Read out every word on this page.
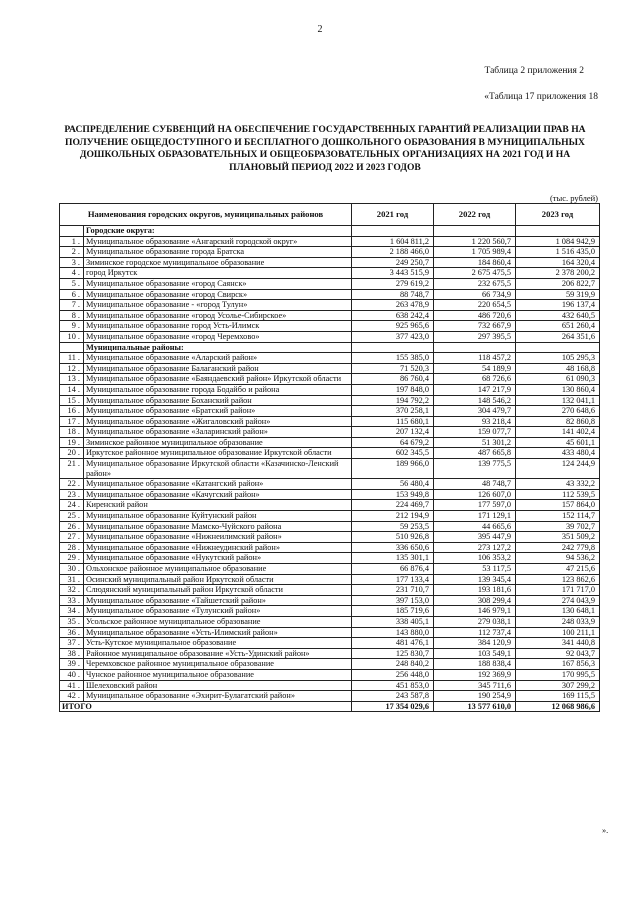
2
Таблица 2 приложения 2
«Таблица 17 приложения 18
РАСПРЕДЕЛЕНИЕ СУБВЕНЦИЙ НА ОБЕСПЕЧЕНИЕ ГОСУДАРСТВЕННЫХ ГАРАНТИЙ РЕАЛИЗАЦИИ ПРАВ НА ПОЛУЧЕНИЕ ОБЩЕДОСТУПНОГО И БЕСПЛАТНОГО ДОШКОЛЬНОГО ОБРАЗОВАНИЯ В МУНИЦИПАЛЬНЫХ ДОШКОЛЬНЫХ ОБРАЗОВАТЕЛЬНЫХ И ОБЩЕОБРАЗОВАТЕЛЬНЫХ ОРГАНИЗАЦИЯХ НА 2021 ГОД И НА ПЛАНОВЫЙ ПЕРИОД 2022 И 2023 ГОДОВ
(тыс. рублей)
Наименования городских округов, муниципальных районов		2021 год	2022 год	2023 год
	Городские округа:			
1 .	Муниципальное образование «Ангарский городской округ»	1 604 811,2	1 220 560,7	1 084 942,9
2 .	Муниципальное образование города Братска	2 188 466,0	1 705 989,4	1 516 435,0
3 .	Зиминское городское муниципальное образование	249 250,7	184 860,4	164 320,4
4 .	город Иркутск	3 443 515,9	2 675 475,5	2 378 200,2
5 .	Муниципальное образование «город Саянск»	279 619,2	232 675,5	206 822,7
6 .	Муниципальное образование «город Свирск»	88 748,7	66 734,9	59 319,9
7 .	Муниципальное образование - «город Тулун»	263 478,9	220 654,5	196 137,4
8 .	Муниципальное образование «город Усолье-Сибирское»	638 242,4	486 720,6	432 640,5
9 .	Муниципальное образование город Усть-Илимск	925 965,6	732 667,9	651 260,4
10 .	Муниципальное образование «город Черемхово»	377 423,0	297 395,5	264 351,6
	Муниципальные районы:			
11 .	Муниципальное образование «Аларский район»	155 385,0	118 457,2	105 295,3
12 .	Муниципальное образование Балаганский район	71 520,3	54 189,9	48 168,8
13 .	Муниципальное образование «Баяндаевский район» Иркутской области	86 760,4	68 726,6	61 090,3
14 .	Муниципальное образование города Бодайбо и района	197 848,0	147 217,9	130 860,4
15 .	Муниципальное образование Боханский район	194 792,2	148 546,2	132 041,1
16 .	Муниципальное образование «Братский район»	370 258,1	304 479,7	270 648,6
17 .	Муниципальное образование «Жигаловский район»	115 680,1	93 218,4	82 860,8
18 .	Муниципальное образование «Заларинский район»	207 132,4	159 077,7	141 402,4
19 .	Зиминское районное муниципальное образование	64 679,2	51 301,2	45 601,1
20 .	Иркутское районное муниципальное образование Иркутской области	602 345,5	487 665,8	433 480,4
21 .	Муниципальное образование Иркутской области «Казачинско-Ленский район»	189 966,0	139 775,5	124 244,9
22 .	Муниципальное образование «Катангский район»	56 480,4	48 748,7	43 332,2
23 .	Муниципальное образование «Качугский район»	153 949,8	126 607,0	112 539,5
24 .	Киренский район	224 469,7	177 597,0	157 864,0
25 .	Муниципальное образование Куйтунский район	212 194,9	171 129,1	152 114,7
26 .	Муниципальное образование Мамско-Чуйского района	59 253,5	44 665,6	39 702,7
27 .	Муниципальное образование «Нижнеилимский район»	510 926,8	395 447,9	351 509,2
28 .	Муниципальное образование «Нижнеудинский район»	336 650,6	273 127,2	242 779,8
29 .	Муниципальное образование «Нукутский район»	135 301,1	106 353,2	94 536,2
30 .	Ольхонское районное муниципальное образование	66 876,4	53 117,5	47 215,6
31 .	Осинский муниципальный район Иркутской области	177 133,4	139 345,4	123 862,6
32 .	Слюдянский муниципальный район Иркутской области	231 710,7	193 181,6	171 717,0
33 .	Муниципальное образование «Тайшетский район»	397 153,0	308 299,4	274 043,9
34 .	Муниципальное образование «Тулунский район»	185 719,6	146 979,1	130 648,1
35 .	Усольское районное муниципальное образование	338 405,1	279 038,1	248 033,9
36 .	Муниципальное образование «Усть-Илимский район»	143 880,0	112 737,4	100 211,1
37 .	Усть-Кутское муниципальное образование	481 476,1	384 120,9	341 440,8
38 .	Районное муниципальное образование «Усть-Удинский район»	125 830,7	103 549,1	92 043,7
39 .	Черемховское районное муниципальное образование	248 840,2	188 838,4	167 856,3
40 .	Чунское районное муниципальное образование	256 448,0	192 369,9	170 995,5
41 .	Шелеховский район	451 853,0	345 711,6	307 299,2
42 .	Муниципальное образование «Эхирит-Булагатский район»	243 587,8	190 254,9	169 115,5
ИТОГО		17 354 029,6	13 577 610,0	12 068 986,6
».
